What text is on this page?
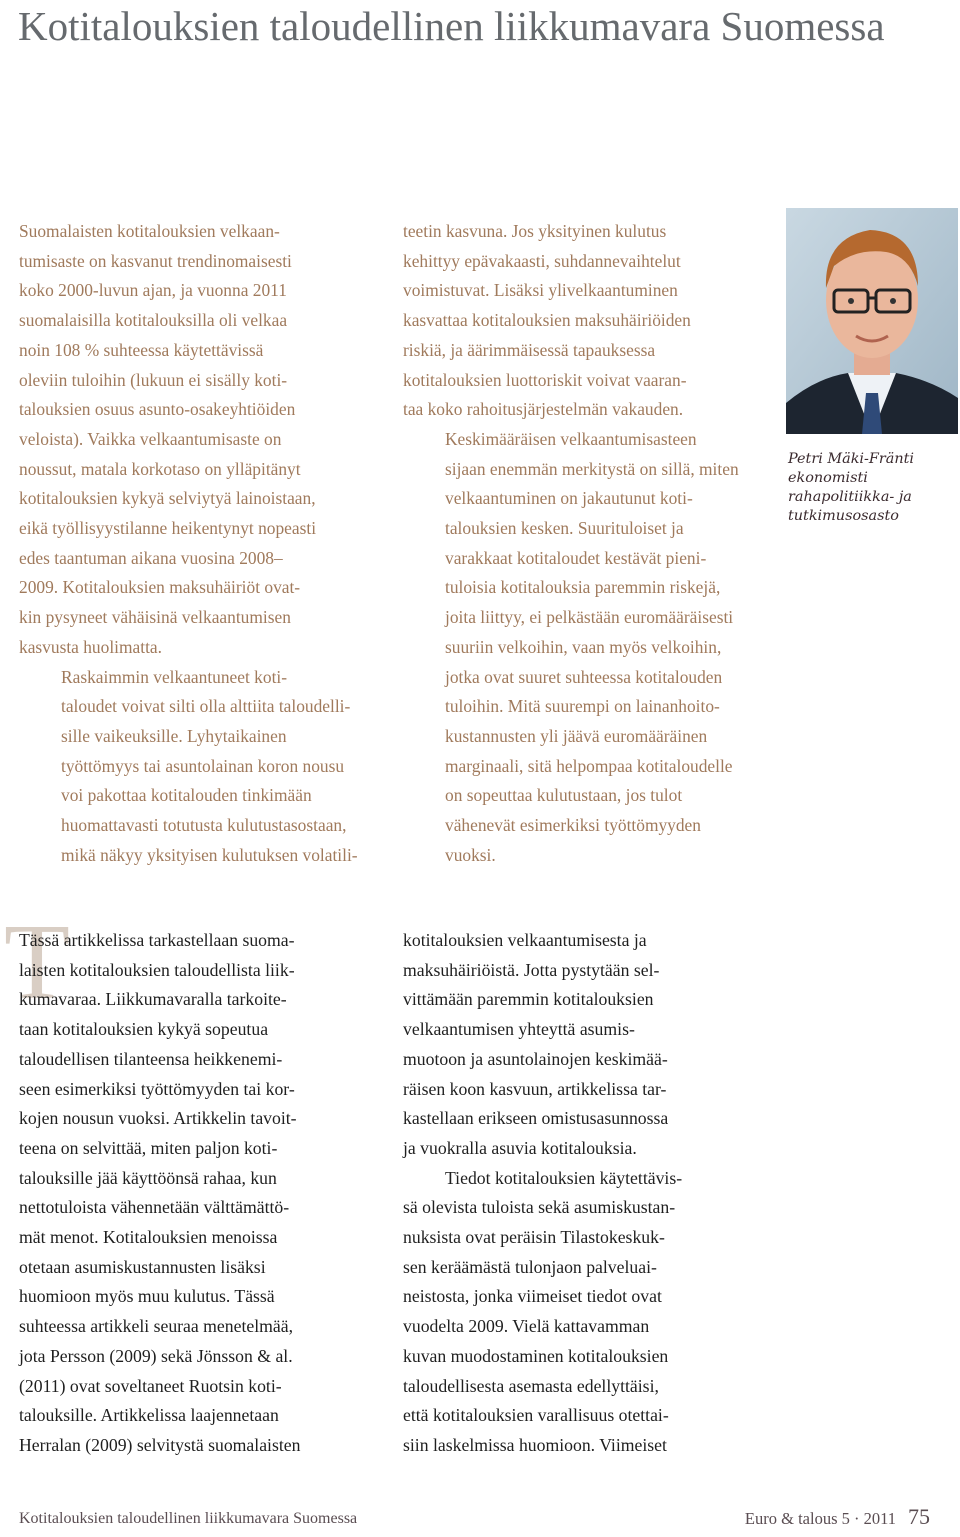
Kotitalouksien taloudellinen liikkumavara Suomessa

Suomalaisten kotitalouksien velkaan-
tumisaste on kasvanut trendinomaisesti
koko 2000-luvun ajan, ja vuonna 2011
suomalaisilla kotitalouksilla oli velkaa
noin 108 % suhteessa käytettävissä
oleviin tuloihin (lukuun ei sisälly koti-
talouksien osuus asunto-osakeyhtiöiden
veloista). Vaikka velkaantumisaste on
noussut, matala korkotaso on ylläpitänyt
kotitalouksien kykyä selviytyä lainoistaan,
eikä työllisyystilanne heikentynyt nopeasti
edes taantuman aikana vuosina 2008–
2009. Kotitalouksien maksuhäiriöt ovat-
kin pysyneet vähäisinä velkaantumisen
kasvusta huolimatta.

Raskaimmin velkaantuneet koti-
taloudet voivat silti olla alttiita taloudelli-
sille vaikeuksille. Lyhytaikainen
työttömyys tai asuntolainan koron nousu
voi pakottaa kotitalouden tinkimään
huomattavasti totutusta kulutustasostaan,
mikä näkyy yksityisen kulutuksen volatili-

teetin kasvuna. Jos yksityinen kulutus
kehittyy epävakaasti, suhdannevaihtelut
voimistuvat. Lisäksi ylivelkaantuminen
kasvattaa kotitalouksien maksuhäiriöiden
riskiä, ja äärimmäisessä tapauksessa
kotitalouksien luottoriskit voivat vaaran-
taa koko rahoitusjärjestelmän vakauden.

Keskimääräisen velkaantumisasteen
sijaan enemmän merkitystä on sillä, miten
velkaantuminen on jakautunut koti-
talouksien kesken. Suurituloiset ja
varakkaat kotitaloudet kestävät pieni-
tuloisia kotitalouksia paremmin riskejä,
joita liittyy, ei pelkästään euromääräisesti
suuriin velkoihin, vaan myös velkoihin,
jotka ovat suuret suhteessa kotitalouden
tuloihin. Mitä suurempi on lainanhoito-
kustannusten yli jäävä euromääräinen
marginaali, sitä helpompaa kotitaloudelle
on sopeuttaa kulutustaan, jos tulot
vähenevät esimerkiksi työttömyyden
vuoksi.

Petri Mäki-Fränti
ekonomisti
rahapolitiikka- ja
tutkimusosasto
T

Tässä artikkelissa tarkastellaan suoma-
laisten kotitalouksien taloudellista liik-
kumavaraa. Liikkumavaralla tarkoite-
taan kotitalouksien kykyä sopeutua
taloudellisen tilanteensa heikkenemi-
seen esimerkiksi työttömyyden tai kor-
kojen nousun vuoksi. Artikkelin tavoit-
teena on selvittää, miten paljon koti-
talouksille jää käyttöönsä rahaa, kun
nettotuloista vähennetään välttämättö-
mät menot. Kotitalouksien menoissa
otetaan asumiskustannusten lisäksi
huomioon myös muu kulutus. Tässä
suhteessa artikkeli seuraa menetelmää,
jota Persson (2009) sekä Jönsson & al.
(2011) ovat soveltaneet Ruotsin koti-
talouksille. Artikkelissa laajennetaan
Herralan (2009) selvitystä suomalaisten

kotitalouksien velkaantumisesta ja
maksuhäiriöistä. Jotta pystytään sel-
vittämään paremmin kotitalouksien
velkaantumisen yhteyttä asumis-
muotoon ja asuntolainojen keskimää-
räisen koon kasvuun, artikkelissa tar-
kastellaan erikseen omistusasunnossa
ja vuokralla asuvia kotitalouksia.

Tiedot kotitalouksien käytettävis-
sä olevista tuloista sekä asumiskustan-
nuksista ovat peräisin Tilastokeskuk-
sen keräämästä tulonjaon palveluai-
neistosta, jonka viimeiset tiedot ovat
vuodelta 2009. Vielä kattavamman
kuvan muodostaminen kotitalouksien
taloudellisesta asemasta edellyttäisi,
että kotitalouksien varallisuus otettai-
siin laskelmissa huomioon. Viimeiset

Kotitalouksien taloudellinen liikkumavara Suomessa	Euro & talous 5 · 2011 75
